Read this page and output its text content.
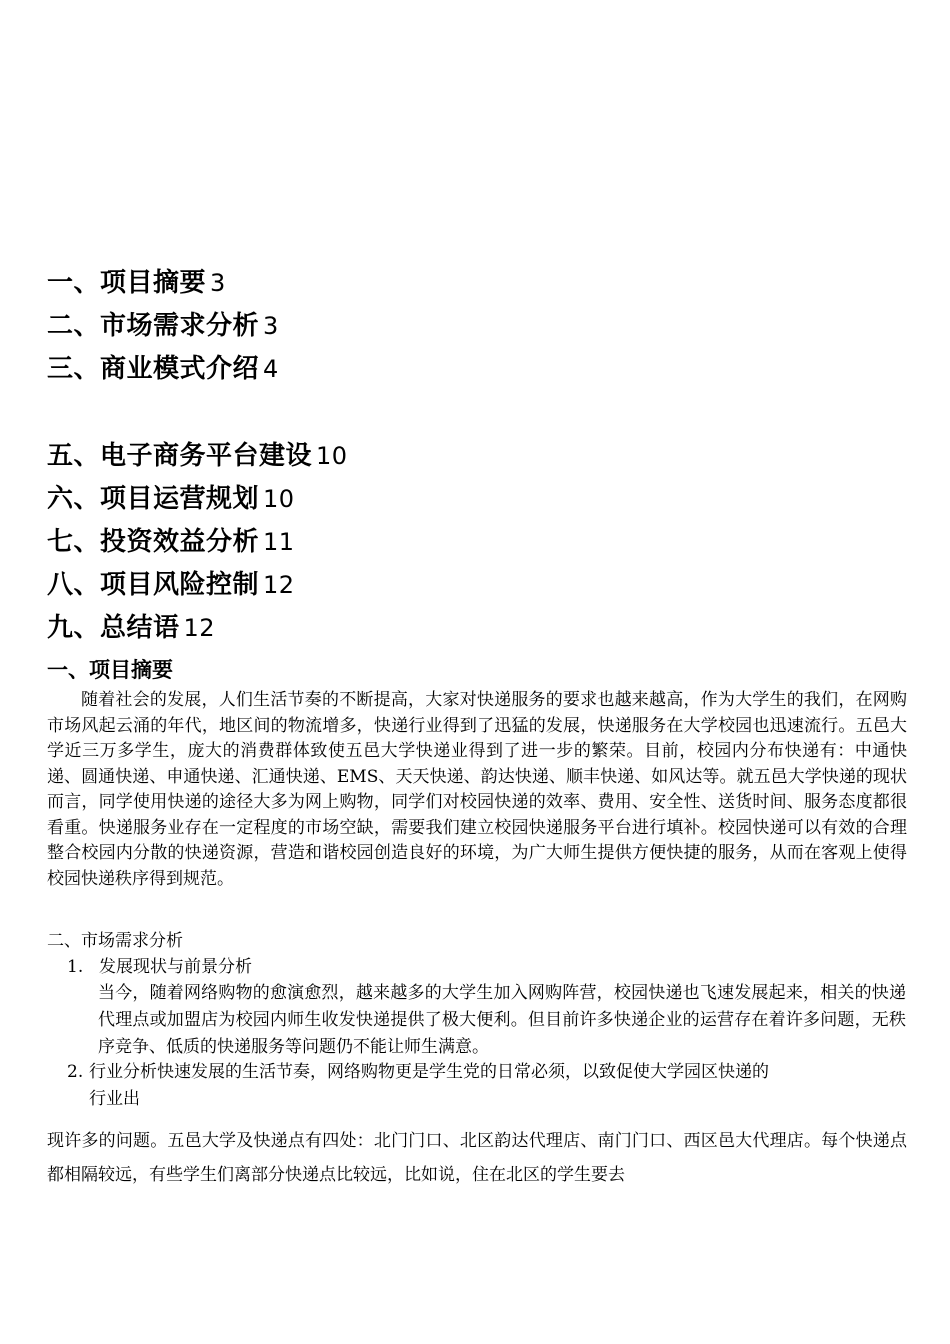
一、项目摘要 3
二、市场需求分析 3
三、商业模式介绍 4
五、电子商务平台建设 10
六、项目运营规划 10
七、投资效益分析 11
八、项目风险控制 12
九、总结语 12
一、项目摘要

随着社会的发展，人们生活节奏的不断提高，大家对快递服务的要求也越来越高，作为大学生的我们，在网购市场风起云涌的年代，地区间的物流增多，快递行业得到了迅猛的发展，快递服务在大学校园也迅速流行。五邑大学近三万多学生，庞大的消费群体致使五邑大学快递业得到了进一步的繁荣。目前，校园内分布快递有：中通快递、圆通快递、申通快递、汇通快递、EMS、天天快递、韵达快递、顺丰快递、如风达等。就五邑大学快递的现状而言，同学使用快递的途径大多为网上购物，同学们对校园快递的效率、费用、安全性、送货时间、服务态度都很看重。快递服务业存在一定程度的市场空缺，需要我们建立校园快递服务平台进行填补。校园快递可以有效的合理整合校园内分散的快递资源，营造和谐校园创造良好的环境，为广大师生提供方便快捷的服务，从而在客观上使得校园快递秩序得到规范。

二、市场需求分析
1. 发展现状与前景分析

当今，随着网络购物的愈演愈烈，越来越多的大学生加入网购阵营，校园快递也飞速发展起来，相关的快递代理点或加盟店为校园内师生收发快递提供了极大便利。但目前许多快递企业的运营存在着许多问题，无秩序竞争、低质的快递服务等问题仍不能让师生满意。

2. 行业分析快速发展的生活节奏，网络购物更是学生党的日常必须，以致促使大学园区快递的
行业出

现许多的问题。五邑大学及快递点有四处：北门门口、北区韵达代理店、南门门口、西区邑大代理店。每个快递点都相隔较远，有些学生们离部分快递点比较远，比如说，住在北区的学生要去
